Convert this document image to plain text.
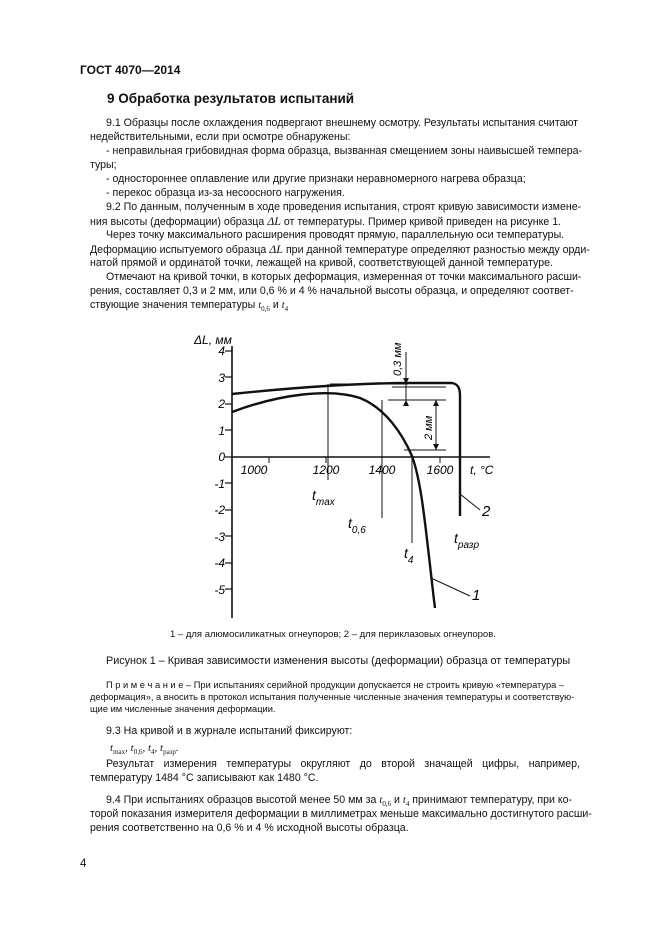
ГОСТ 4070—2014
9 Обработка результатов испытаний
9.1 Образцы после охлаждения подвергают внешнему осмотру. Результаты испытания считают
недействительными, если при осмотре обнаружены:
- неправильная грибовидная форма образца, вызванная смещением зоны наивысшей темпера-
туры;
- одностороннее оплавление или другие признаки неравномерного нагрева образца;
- перекос образца из-за несоосного нагружения.
9.2 По данным, полученным в ходе проведения испытания, строят кривую зависимости измене-
ния высоты (деформации) образца ΔL от температуры. Пример кривой приведен на рисунке 1.
Через точку максимального расширения проводят прямую, параллельную оси температуры.
Деформацию испытуемого образца ΔL при данной температуре определяют разностью между орди-
натой прямой и ординатой точки, лежащей на кривой, соответствующей данной температуре.
Отмечают на кривой точки, в которых деформация, измеренная от точки максимального расши-
рения, составляет 0,3 и 2 мм, или 0,6 % и 4 % начальной высоты образца, и определяют соответ-
ствующие значения температуры $t_{0,6}$ и $t_4$
4
3
2
1
0
-1
-2
-3
-4
-5
ΔL, мм
1000	1200 1400	1600 t, °C
2
1
0,3 мм
2 мм
$t_{max}$
$t_{0,6}$
$t_4$
$t_{разр}$
1 – для алюмосиликатных огнеупоров; 2 – для периклазовых огнеупоров.
Рисунок 1 – Кривая зависимости изменения высоты (деформации) образца от температуры
П р и м е ч а н и е – При испытаниях серийной продукции допускается не строить кривую «температура –
деформация», а вносить в протокол испытания полученные численные значения температуры и соответствую-
щие им численные значения деформации.
9.3 На кривой и в журнале испытаний фиксируют:
$t_{max}$, $t_{0,6}$, $t_4$, $t_{разр}$.
Результат измерения температуры округляют до второй значащей цифры, например, температуру 1484 °С записывают как 1480 °С.
9.4 При испытаниях образцов высотой менее 50 мм за $t_{0,6}$ и $t_4$ принимают температуру, при ко-
торой показания измерителя деформации в миллиметрах меньше максимально достигнутого расши-
рения соответственно на 0,6 % и 4 % исходной высоты образца.
4
